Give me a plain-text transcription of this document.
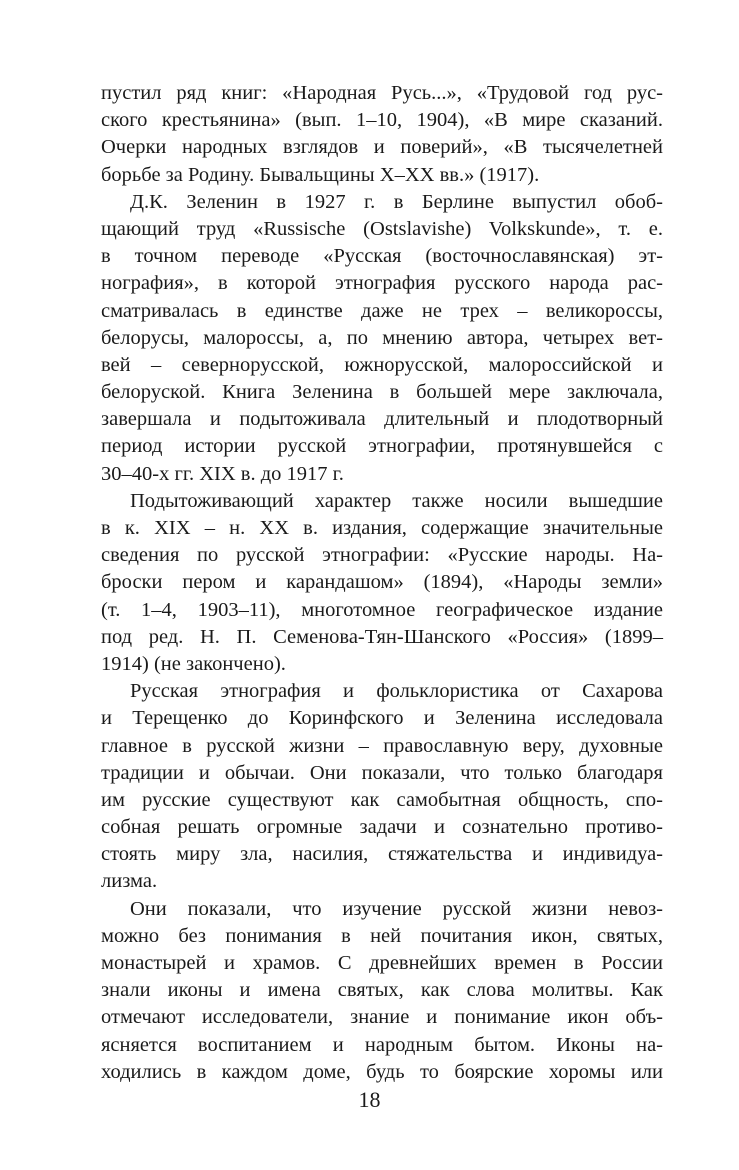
пустил ряд книг: «Народная Русь...», «Трудовой год рус-
ского крестьянина» (вып. 1–10, 1904), «В мире сказаний.
Очерки народных взглядов и поверий», «В тысячелетней
борьбе за Родину. Бывальщины X–XX вв.» (1917).
Д.К. Зеленин в 1927 г. в Берлине выпустил обоб-
щающий труд «Russische (Ostslavishe) Volkskunde», т. е.
в точном переводе «Русская (восточнославянская) эт-
нография», в которой этнография русского народа рас-
сматривалась в единстве даже не трех – великороссы,
белорусы, малороссы, а, по мнению автора, четырех вет-
вей – севернорусской, южнорусской, малороссийской и
белоруской. Книга Зеленина в большей мере заключала,
завершала и подытоживала длительный и плодотворный
период истории русской этнографии, протянувшейся с
30–40-х гг. XIX в. до 1917 г.
Подытоживающий характер также носили вышедшие
в к. XIX – н. XX в. издания, содержащие значительные
сведения по русской этнографии: «Русские народы. На-
броски пером и карандашом» (1894), «Народы земли»
(т. 1–4, 1903–11), многотомное географическое издание
под ред. Н. П. Семенова-Тян-Шанского «Россия» (1899–
1914) (не закончено).
Русская этнография и фольклористика от Сахарова
и Терещенко до Коринфского и Зеленина исследовала
главное в русской жизни – православную веру, духовные
традиции и обычаи. Они показали, что только благодаря
им русские существуют как самобытная общность, спо-
собная решать огромные задачи и сознательно противо-
стоять миру зла, насилия, стяжательства и индивидуа-
лизма.
Они показали, что изучение русской жизни невоз-
можно без понимания в ней почитания икон, святых,
монастырей и храмов. С древнейших времен в России
знали иконы и имена святых, как слова молитвы. Как
отмечают исследователи, знание и понимание икон объ-
ясняется воспитанием и народным бытом. Иконы на-
ходились в каждом доме, будь то боярские хоромы или
18
